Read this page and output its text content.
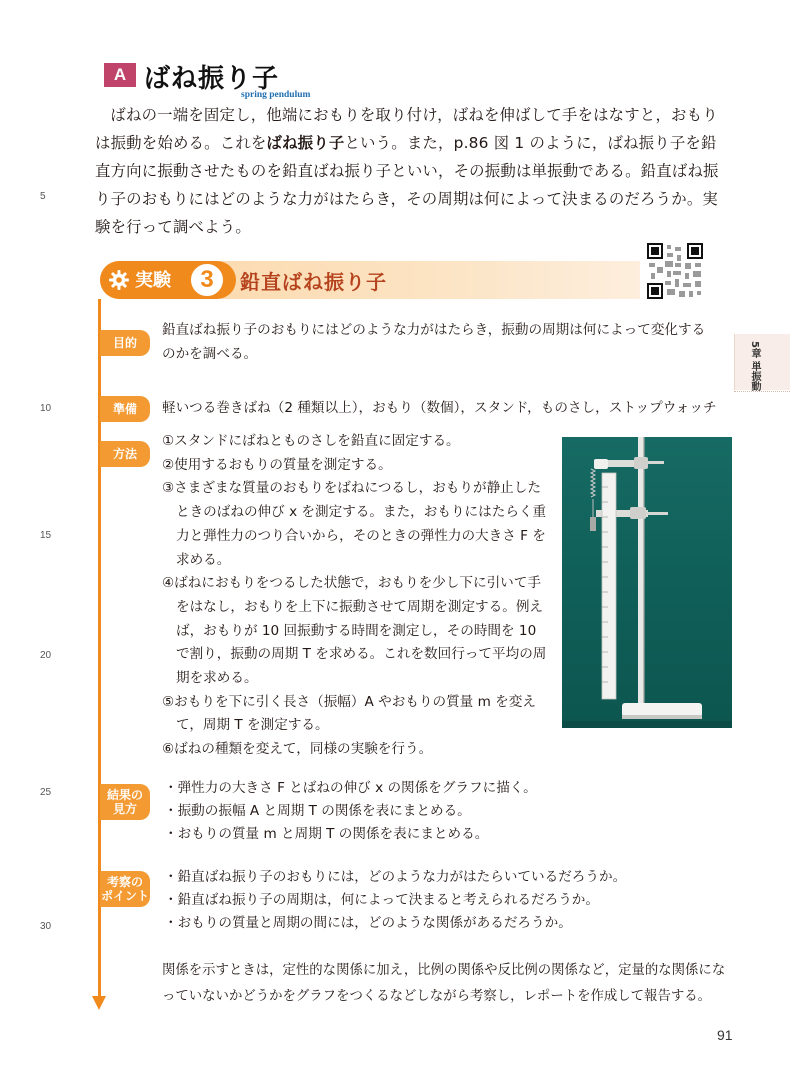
5
10
15
20
25
30
A ばね振り子
spring pendulum

ばねの一端を固定し，他端におもりを取り付け，ばねを伸ばして手をはなすと，おもりは振動を始める。これをばね振り子という。また，p.86 図 1 のように，ばね振り子を鉛直方向に振動させたものを鉛直ばね振り子といい，その振動は単振動である。鉛直ばね振り子のおもりにはどのような力がはたらき，その周期は何によって決まるのだろうか。実験を行って調べよう。

実験	3	鉛直ばね振り子
目的
鉛直ばね振り子のおもりにはどのような力がはたらき，振動の周期は何によって変化するのかを調べる。
準備	軽いつる巻きばね（2 種類以上），おもり（数個），スタンド，ものさし，ストップウォッチ
方法
①スタンドにばねとものさしを鉛直に固定する。
②使用するおもりの質量を測定する。
③さまざまな質量のおもりをばねにつるし，おもりが静止したときのばねの伸び x を測定する。また，おもりにはたらく重力と弾性力のつり合いから，そのときの弾性力の大きさ F を求める。
④ばねにおもりをつるした状態で，おもりを少し下に引いて手をはなし，おもりを上下に振動させて周期を測定する。例えば，おもりが 10 回振動する時間を測定し，その時間を 10 で割り，振動の周期 T を求める。これを数回行って平均の周期を求める。
⑤おもりを下に引く長さ（振幅）A やおもりの質量 m を変えて，周期 T を測定する。
⑥ばねの種類を変えて，同様の実験を行う。
結果の
見方
・弾性力の大きさ F とばねの伸び x の関係をグラフに描く。
・振動の振幅 A と周期 T の関係を表にまとめる。
・おもりの質量 m と周期 T の関係を表にまとめる。
考察の
ポイント
・鉛直ばね振り子のおもりには，どのような力がはたらいているだろうか。
・鉛直ばね振り子の周期は，何によって決まると考えられるだろうか。
・おもりの質量と周期の間には，どのような関係があるだろうか。
関係を示すときは，定性的な関係に加え，比例の関係や反比例の関係など，定量的な関係になっていないかどうかをグラフをつくるなどしながら考察し，レポートを作成して報告する。
5章 単振動
91
